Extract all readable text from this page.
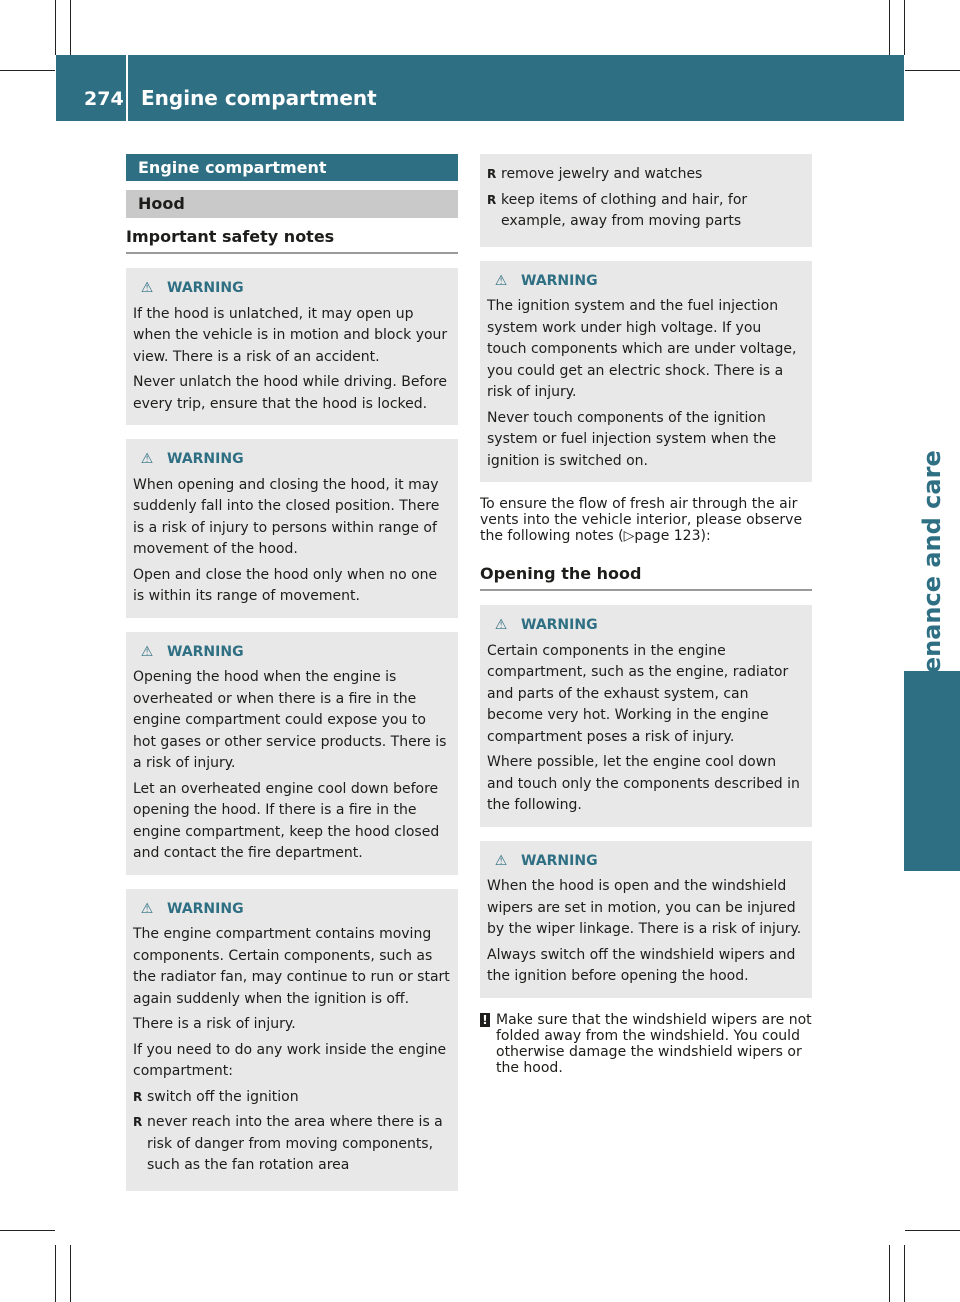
274 Engine compartment
Maintenance and care
Engine compartment
Hood
Important safety notes
⚠ WARNING

If the hood is unlatched, it may open up when the vehicle is in motion and block your view. There is a risk of an accident.

Never unlatch the hood while driving. Before every trip, ensure that the hood is locked.

⚠ WARNING

When opening and closing the hood, it may suddenly fall into the closed position. There is a risk of injury to persons within range of movement of the hood.

Open and close the hood only when no one is within its range of movement.

⚠ WARNING

Opening the hood when the engine is overheated or when there is a fire in the engine compartment could expose you to hot gases or other service products. There is a risk of injury.

Let an overheated engine cool down before opening the hood. If there is a fire in the engine compartment, keep the hood closed and contact the fire department.

⚠ WARNING

The engine compartment contains moving components. Certain components, such as the radiator fan, may continue to run or start again suddenly when the ignition is off.

There is a risk of injury.

If you need to do any work inside the engine compartment:

R switch off the ignition
R never reach into the area where there is a risk of danger from moving components, such as the fan rotation area
R remove jewelry and watches
R keep items of clothing and hair, for example, away from moving parts
⚠ WARNING

The ignition system and the fuel injection system work under high voltage. If you touch components which are under voltage, you could get an electric shock. There is a risk of injury.

Never touch components of the ignition system or fuel injection system when the ignition is switched on.

To ensure the flow of fresh air through the air vents into the vehicle interior, please observe the following notes (▷page 123):
Opening the hood
⚠ WARNING

Certain components in the engine compartment, such as the engine, radiator and parts of the exhaust system, can become very hot. Working in the engine compartment poses a risk of injury.

Where possible, let the engine cool down and touch only the components described in the following.

⚠ WARNING

When the hood is open and the windshield wipers are set in motion, you can be injured by the wiper linkage. There is a risk of injury.

Always switch off the windshield wipers and the ignition before opening the hood.

! Make sure that the windshield wipers are not folded away from the windshield. You could otherwise damage the windshield wipers or the hood.
